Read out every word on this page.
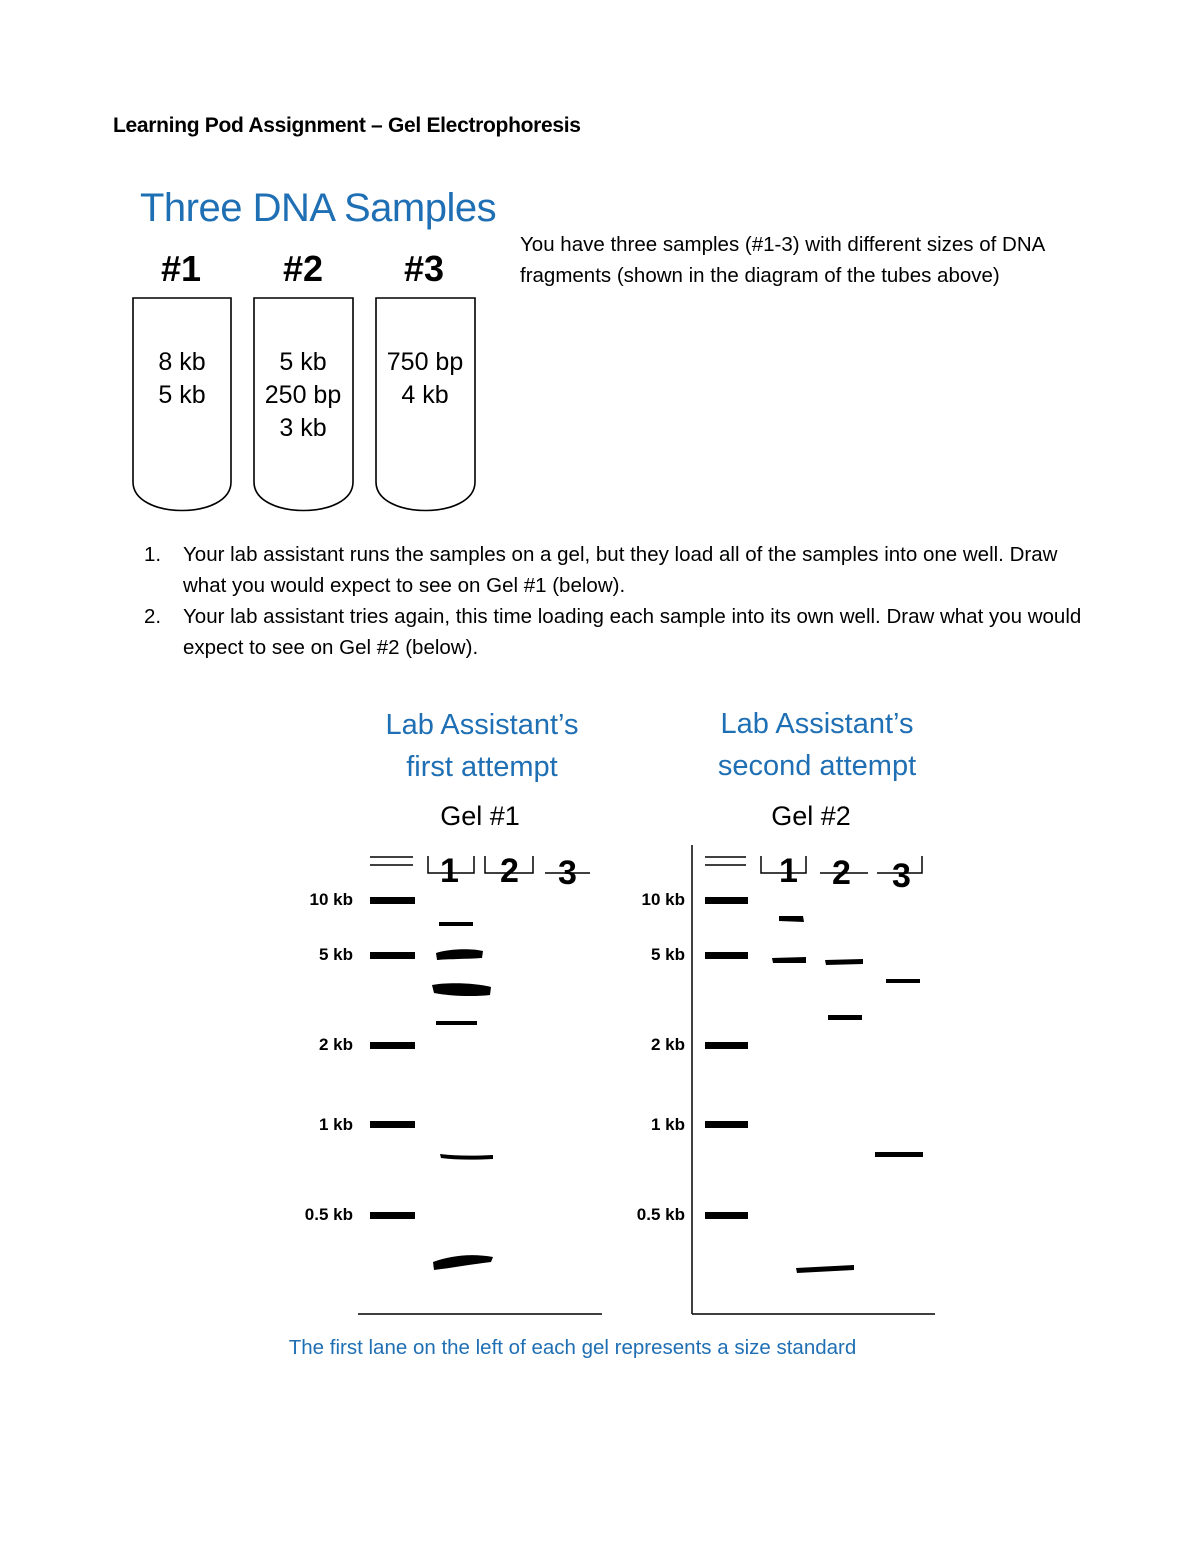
Learning Pod Assignment – Gel Electrophoresis
Three DNA Samples
#1	#2	#3
8 kb
5 kb
5 kb
250 bp
3 kb
750 bp
4 kb
You have three samples (#1-3) with different sizes of DNA fragments (shown in the diagram of the tubes above)
1. Your lab assistant runs the samples on a gel, but they load all of the samples into one well. Draw what you would expect to see on Gel #1 (below).
2. Your lab assistant tries again, this time loading each sample into its own well. Draw what you would expect to see on Gel #2 (below).
Lab Assistant’s
first attempt
Lab Assistant’s
second attempt
Gel #1	Gel #2
10 kb
5 kb
2 kb
1 kb
0.5 kb
10 kb
5 kb
2 kb
1 kb
0.5 kb
1 2 3	1 2 3
The first lane on the left of each gel represents a size standard
